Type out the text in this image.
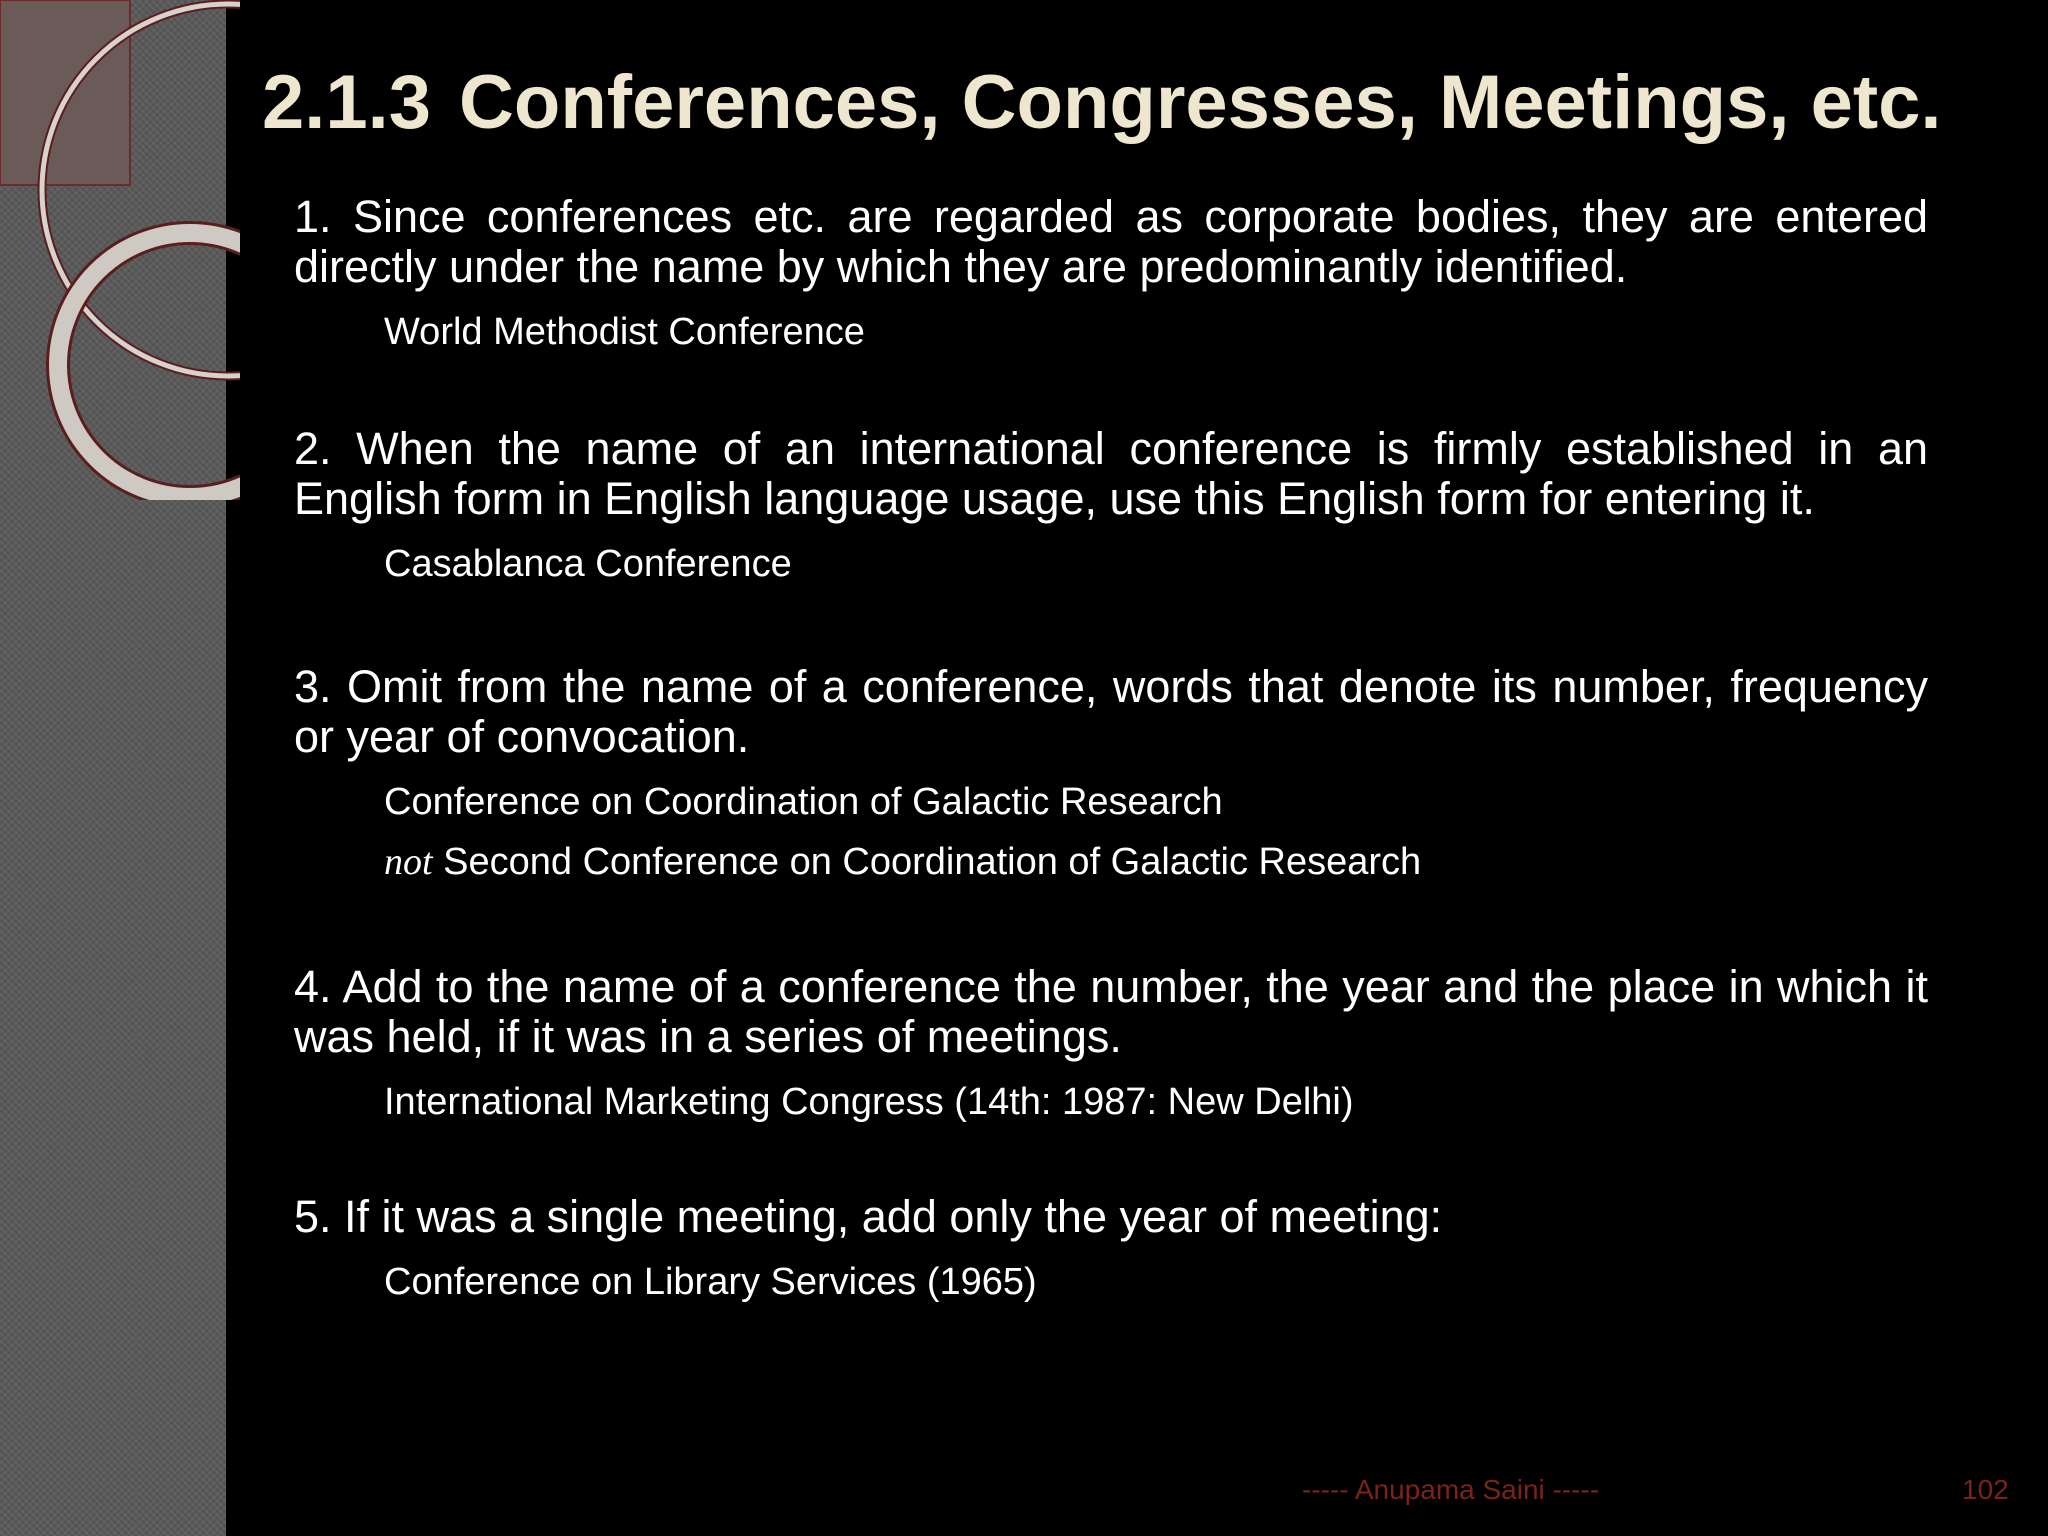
2.1.3 Conferences, Congresses, Meetings, etc.

1. Since conferences etc. are regarded as corporate bodies, they are entered directly under the name by which they are predominantly identified.

World Methodist Conference

2. When the name of an international conference is firmly established in an English form in English language usage, use this English form for entering it.

Casablanca Conference

3. Omit from the name of a conference, words that denote its number, frequency or year of convocation.

Conference on Coordination of Galactic Research
not Second Conference on Coordination of Galactic Research

4. Add to the name of a conference the number, the year and the place in which it was held, if it was in a series of meetings.

International Marketing Congress (14th: 1987: New Delhi)

5. If it was a single meeting, add only the year of meeting:

Conference on Library Services (1965)
----- Anupama Saini -----	102
